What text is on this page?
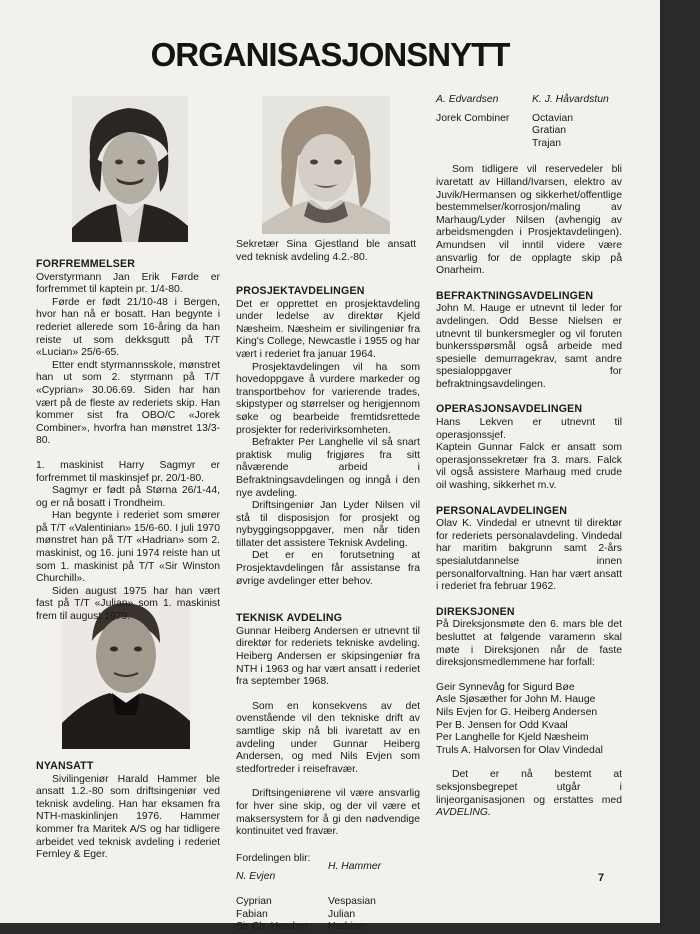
ORGANISASJONSNYTT
Sekretær Sina Gjestland ble ansatt ved teknisk avdeling 4.2.-80.
FORFREMMELSER

Overstyrmann Jan Erik Førde er forfremmet til kaptein pr. 1/4-80.

Førde er født 21/10-48 i Bergen, hvor han nå er bosatt. Han begynte i rederiet allerede som 16-åring da han reiste ut som dekksgutt på T/T «Lucian» 25/6-65.

Etter endt styrmannsskole, mønstret han ut som 2. styrmann på T/T «Cyprian» 30.06.69. Siden har han vært på de fleste av rederiets skip. Han kommer sist fra OBO/C «Jorek Combiner», hvorfra han mønstret 13/3-80.

1. maskinist Harry Sagmyr er forfremmet til maskinsjef pr. 20/1-80.

Sagmyr er født på Størna 26/1-44, og er nå bosatt i Trondheim.

Han begynte i rederiet som smører på T/T «Valentinian» 15/6-60. I juli 1970 mønstret han på T/T «Hadrian» som 2. maskinist, og 16. juni 1974 reiste han ut som 1. maskinist på T/T «Sir Winston Churchill».

Siden august 1975 har han vært fast på T/T «Julian» som 1. maskinist frem til august 1979.

NYANSATT

Sivilingeniør Harald Hammer ble ansatt 1.2.-80 som driftsingeniør ved teknisk avdeling. Han har eksamen fra NTH-maskinlinjen 1976. Hammer kommer fra Maritek A/S og har tidligere arbeidet ved teknisk avdeling i rederiet Fernley & Eger.

PROSJEKTAVDELINGEN

Det er opprettet en prosjektavdeling under ledelse av direktør Kjeld Næsheim. Næsheim er sivilingeniør fra King's College, Newcastle i 1955 og har vært i rederiet fra januar 1964.

Prosjektavdelingen vil ha som hovedoppgave å vurdere markeder og transportbehov for varierende trades, skipstyper og størrelser og herigjennom søke og bearbeide fremtidsrettede prosjekter for rederivirksomheten.

Befrakter Per Langhelle vil så snart praktisk mulig frigjøres fra sitt nåværende arbeid i Befraktningsavdelingen og inngå i den nye avdeling.

Driftsingeniør Jan Lyder Nilsen vil stå til disposisjon for prosjekt og nybyggingsoppgaver, men når tiden tillater det assistere Teknisk Avdeling.

Det er en forutsetning at Prosjektavdelingen får assistanse fra øvrige avdelinger etter behov.

TEKNISK AVDELING

Gunnar Heiberg Andersen er utnevnt til direktør for rederiets tekniske avdeling. Heiberg Andersen er skipsingeniør fra NTH i 1963 og har vært ansatt i rederiet fra september 1968.

Som en konsekvens av det ovenstående vil den tekniske drift av samtlige skip nå bli ivaretatt av en avdeling under Gunnar Heiberg Andersen, og med Nils Evjen som stedfortreder i reisefravær.

Driftsingeniørene vil være ansvarlig for hver sine skip, og der vil være et maksersystem for å gi den nødvendige kontinuitet ved fravær.

Fordelingen blir:

N. Evjen

Cyprian

Fabian

Sir Ch. Hambro

H. Hammer

Vespasian

Julian

Hadrian

A. Edvardsen

Jorek Combiner

K. J. Håvardstun

Octavian

Gratian

Trajan

Som tidligere vil reservedeler bli ivaretatt av Hilland/Ivarsen, elektro av Juvik/Hermansen og sikkerhet/offentlige bestemmelser/korrosjon/maling av Marhaug/Lyder Nilsen (avhengig av arbeidsmengden i Prosjektavdelingen). Amundsen vil inntil videre være ansvarlig for de opplagte skip på Onarheim.

BEFRAKTNINGSAVDELINGEN

John M. Hauge er utnevnt til leder for avdelingen. Odd Besse Nielsen er utnevnt til bunkersmegler og vil foruten bunkersspørsmål også arbeide med spesielle demurragekrav, samt andre spesialoppgaver for befraktningsavdelingen.

OPERASJONSAVDELINGEN

Hans Lekven er utnevnt til operasjonssjef.

Kaptein Gunnar Falck er ansatt som operasjonssekretær fra 3. mars. Falck vil også assistere Marhaug med crude oil washing, sikkerhet m.v.

PERSONALAVDELINGEN

Olav K. Vindedal er utnevnt til direktør for rederiets personalavdeling. Vindedal har maritim bakgrunn samt 2-års spesialutdannelse innen personalforvaltning. Han har vært ansatt i rederiet fra februar 1962.

DIREKSJONEN

På Direksjonsmøte den 6. mars ble det besluttet at følgende varamenn skal møte i Direksjonen når de faste direksjonsmedlemmene har forfall:

Geir Synnevåg for Sigurd Bøe

Asle Sjøsæther for John M. Hauge

Nils Evjen for G. Heiberg Andersen

Per B. Jensen for Odd Kvaal

Per Langhelle for Kjeld Næsheim

Truls A. Halvorsen for Olav Vindedal

Det er nå bestemt at seksjonsbegrepet utgår i linjeorganisasjonen og erstattes med AVDELING.

7
